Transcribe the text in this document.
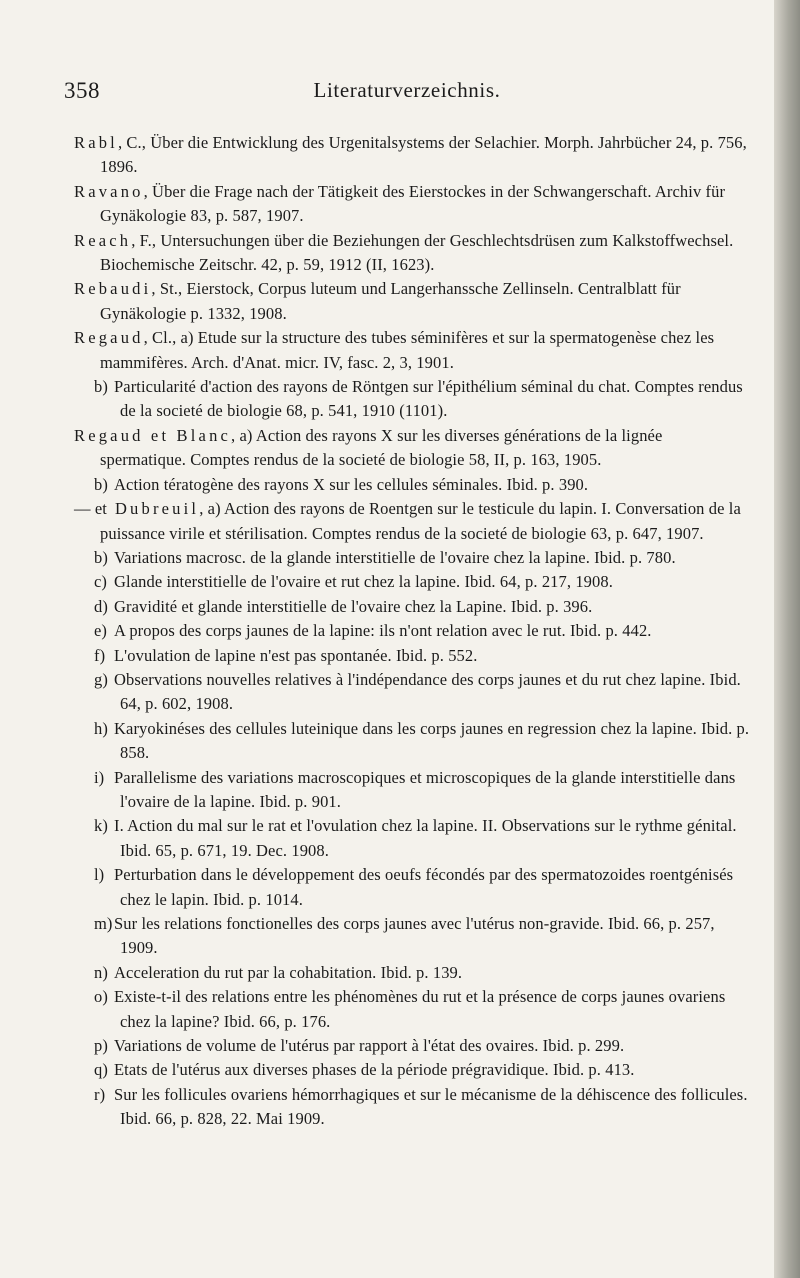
358	Literaturverzeichnis.

Rabl, C., Über die Entwicklung des Urgenitalsystems der Selachier. Morph. Jahrbücher 24, p. 756, 1896.

Ravano, Über die Frage nach der Tätigkeit des Eierstockes in der Schwangerschaft. Archiv für Gynäkologie 83, p. 587, 1907.

Reach, F., Untersuchungen über die Beziehungen der Geschlechtsdrüsen zum Kalkstoffwechsel. Biochemische Zeitschr. 42, p. 59, 1912 (II, 1623).

Rebaudi, St., Eierstock, Corpus luteum und Langerhanssche Zellinseln. Centralblatt für Gynäkologie p. 1332, 1908.

Regaud, Cl., a) Etude sur la structure des tubes séminifères et sur la spermatogenèse chez les mammifères. Arch. d'Anat. micr. IV, fasc. 2, 3, 1901.

b) Particularité d'action des rayons de Röntgen sur l'épithélium séminal du chat. Comptes rendus de la societé de biologie 68, p. 541, 1910 (1101).

Regaud et Blanc, a) Action des rayons X sur les diverses générations de la lignée spermatique. Comptes rendus de la societé de biologie 58, II, p. 163, 1905.

b) Action tératogène des rayons X sur les cellules séminales. Ibid. p. 390.

— et Dubreuil, a) Action des rayons de Roentgen sur le testicule du lapin. I. Conversation de la puissance virile et stérilisation. Comptes rendus de la societé de biologie 63, p. 647, 1907.

b) Variations macrosc. de la glande interstitielle de l'ovaire chez la lapine. Ibid. p. 780.

c) Glande interstitielle de l'ovaire et rut chez la lapine. Ibid. 64, p. 217, 1908.

d) Gravidité et glande interstitielle de l'ovaire chez la Lapine. Ibid. p. 396.

e) A propos des corps jaunes de la lapine: ils n'ont relation avec le rut. Ibid. p. 442.

f) L'ovulation de lapine n'est pas spontanée. Ibid. p. 552.

g) Observations nouvelles relatives à l'indépendance des corps jaunes et du rut chez lapine. Ibid. 64, p. 602, 1908.

h) Karyokinéses des cellules luteinique dans les corps jaunes en regression chez la lapine. Ibid. p. 858.

i) Parallelisme des variations macroscopiques et microscopiques de la glande interstitielle dans l'ovaire de la lapine. Ibid. p. 901.

k) I. Action du mal sur le rat et l'ovulation chez la lapine. II. Observations sur le rythme génital. Ibid. 65, p. 671, 19. Dec. 1908.

l) Perturbation dans le développement des oeufs fécondés par des spermatozoides roentgénisés chez le lapin. Ibid. p. 1014.

m)Sur les relations fonctionelles des corps jaunes avec l'utérus non-gravide. Ibid. 66, p. 257, 1909.

n) Acceleration du rut par la cohabitation. Ibid. p. 139.

o) Existe-t-il des relations entre les phénomènes du rut et la présence de corps jaunes ovariens chez la lapine? Ibid. 66, p. 176.

p) Variations de volume de l'utérus par rapport à l'état des ovaires. Ibid. p. 299.

q) Etats de l'utérus aux diverses phases de la période prégravidique. Ibid. p. 413.

r) Sur les follicules ovariens hémorrhagiques et sur le mécanisme de la déhiscence des follicules. Ibid. 66, p. 828, 22. Mai 1909.
